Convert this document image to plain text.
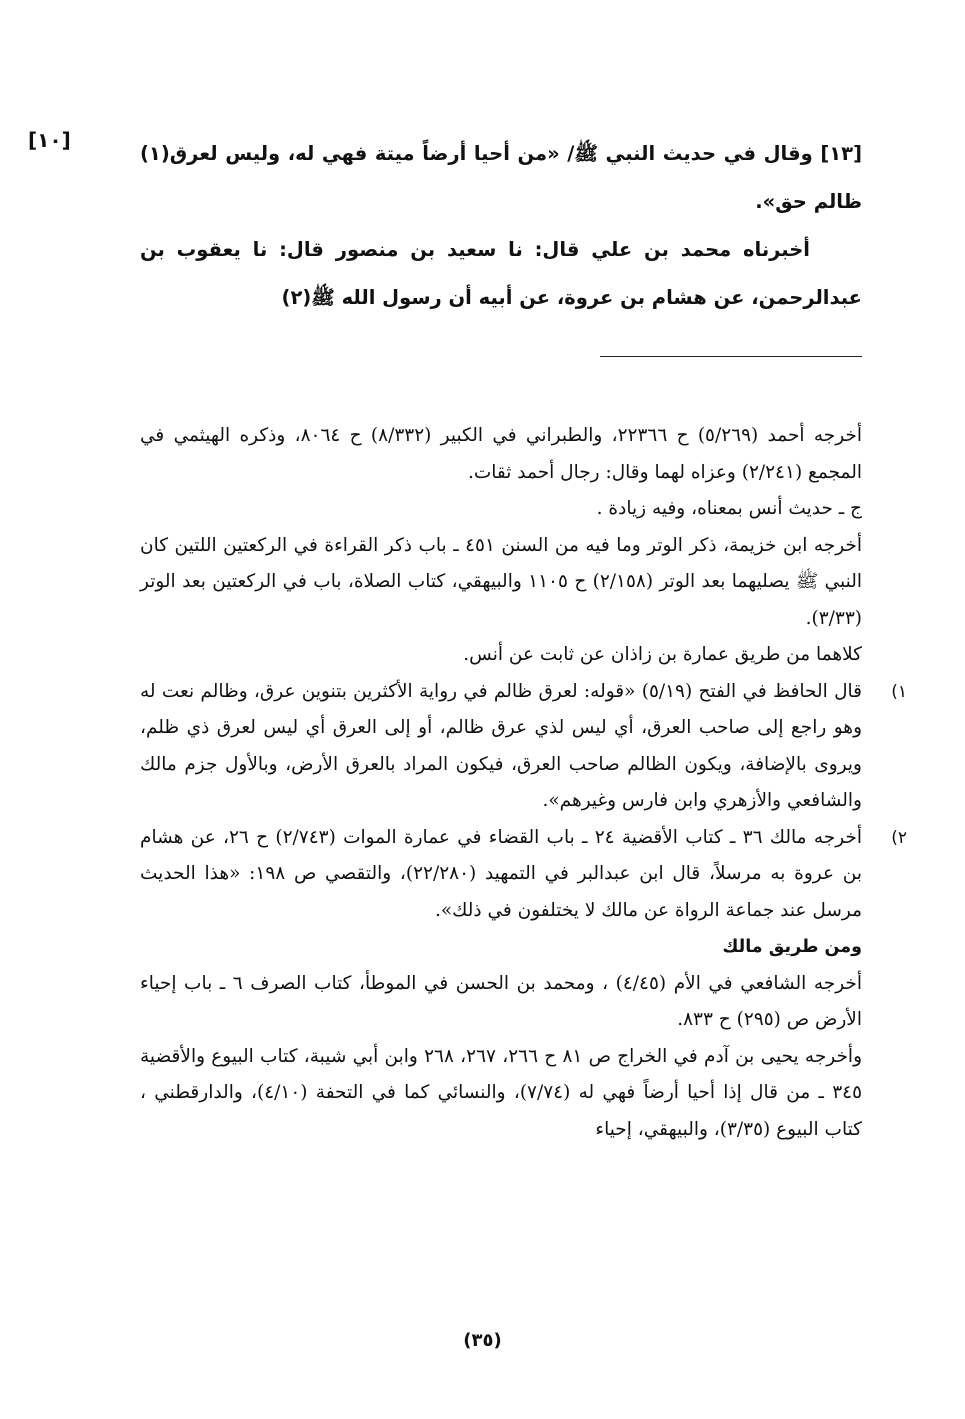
[١٠]

[١٣] وقال في حديث النبي ﷺ/ «من أحيا أرضاً ميتة فهي له، وليس لعرق(١) ظالم حق».

أخبرناه محمد بن علي قال: نا سعيد بن منصور قال: نا يعقوب بن عبدالرحمن، عن هشام بن عروة، عن أبيه أن رسول الله ﷺ(٢)

أخرجه أحمد (٥/٢٦٩) ح ٢٢٣٦٦، والطبراني في الكبير (٨/٣٣٢) ح ٨٠٦٤، وذكره الهيثمي في المجمع (٢/٢٤١) وعزاه لهما وقال: رجال أحمد ثقات.

ج ـ حديث أنس بمعناه، وفيه زيادة .

أخرجه ابن خزيمة، ذكر الوتر وما فيه من السنن ٤٥١ ـ باب ذكر القراءة في الركعتين اللتين كان النبي ﷺ يصليهما بعد الوتر (٢/١٥٨) ح ١١٠٥ والبيهقي، كتاب الصلاة، باب في الركعتين بعد الوتر (٣/٣٣).

كلاهما من طريق عمارة بن زاذان عن ثابت عن أنس.

١)
قال الحافظ في الفتح (٥/١٩) «قوله: لعرق ظالم في رواية الأكثرين بتنوين عرق، وظالم نعت له وهو راجع إلى صاحب العرق، أي ليس لذي عرق ظالم، أو إلى العرق أي ليس لعرق ذي ظلم، ويروى بالإضافة، ويكون الظالم صاحب العرق، فيكون المراد بالعرق الأرض، وبالأول جزم مالك والشافعي والأزهري وابن فارس وغيرهم».

٢)
أخرجه مالك ٣٦ ـ كتاب الأقضية ٢٤ ـ باب القضاء في عمارة الموات (٢/٧٤٣) ح ٢٦، عن هشام بن عروة به مرسلاً، قال ابن عبدالبر في التمهيد (٢٢/٢٨٠)، والتقصي ص ١٩٨: «هذا الحديث مرسل عند جماعة الرواة عن مالك لا يختلفون في ذلك».

ومن طريق مالك

أخرجه الشافعي في الأم (٤/٤٥) ، ومحمد بن الحسن في الموطأ، كتاب الصرف ٦ ـ باب إحياء الأرض ص (٢٩٥) ح ٨٣٣.

وأخرجه يحيى بن آدم في الخراج ص ٨١ ح ٢٦٦، ٢٦٧، ٢٦٨ وابن أبي شيبة، كتاب البيوع والأقضية ٣٤٥ ـ من قال إذا أحيا أرضاً فهي له (٧/٧٤)، والنسائي كما في التحفة (٤/١٠)، والدارقطني ، كتاب البيوع (٣/٣٥)، والبيهقي، إحياء

(٣٥)
